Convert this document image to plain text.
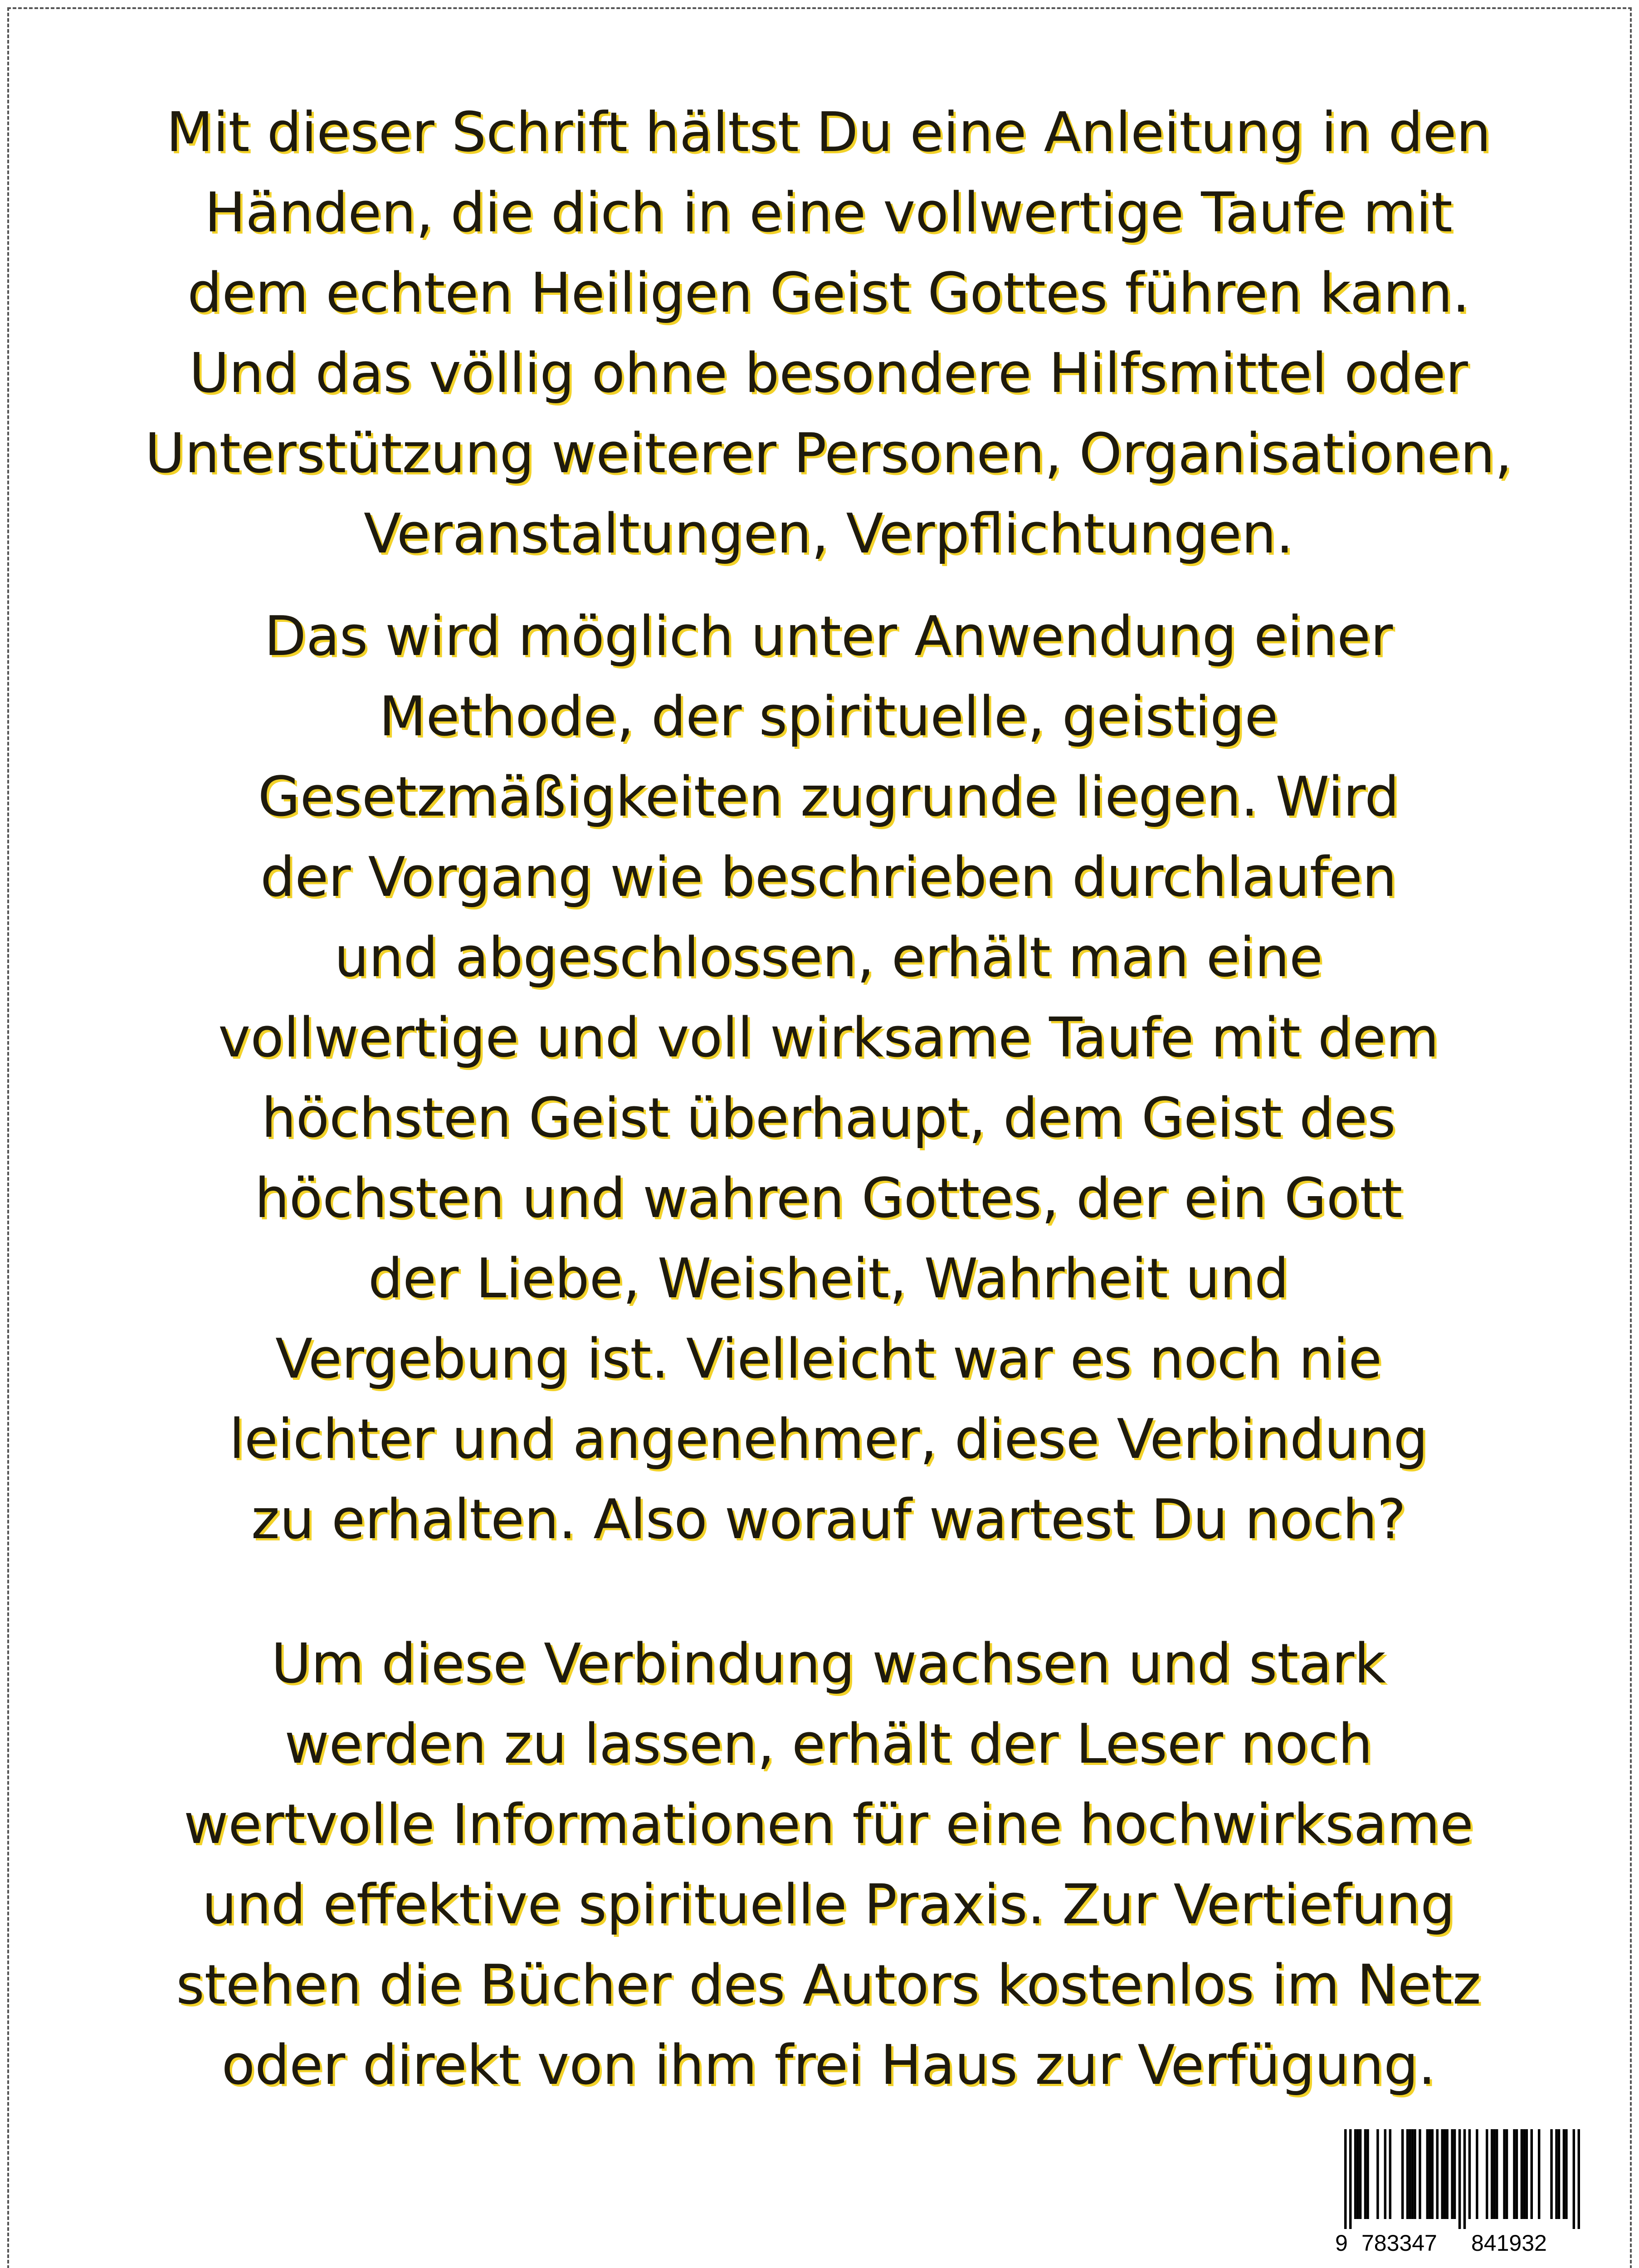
Mit dieser Schrift hältst Du eine Anleitung in den
Händen, die dich in eine vollwertige Taufe mit
dem echten Heiligen Geist Gottes führen kann.
Und das völlig ohne besondere Hilfsmittel oder
Unterstützung weiterer Personen, Organisationen,
Veranstaltungen, Verpflichtungen.
Das wird möglich unter Anwendung einer
Methode, der spirituelle, geistige
Gesetzmäßigkeiten zugrunde liegen. Wird
der Vorgang wie beschrieben durchlaufen
und abgeschlossen, erhält man eine
vollwertige und voll wirksame Taufe mit dem
höchsten Geist überhaupt, dem Geist des
höchsten und wahren Gottes, der ein Gott
der Liebe, Weisheit, Wahrheit und
Vergebung ist. Vielleicht war es noch nie
leichter und angenehmer, diese Verbindung
zu erhalten. Also worauf wartest Du noch?
Um diese Verbindung wachsen und stark
werden zu lassen, erhält der Leser noch
wertvolle Informationen für eine hochwirksame
und effektive spirituelle Praxis. Zur Vertiefung
stehen die Bücher des Autors kostenlos im Netz
oder direkt von ihm frei Haus zur Verfügung.
9 783347 841932
